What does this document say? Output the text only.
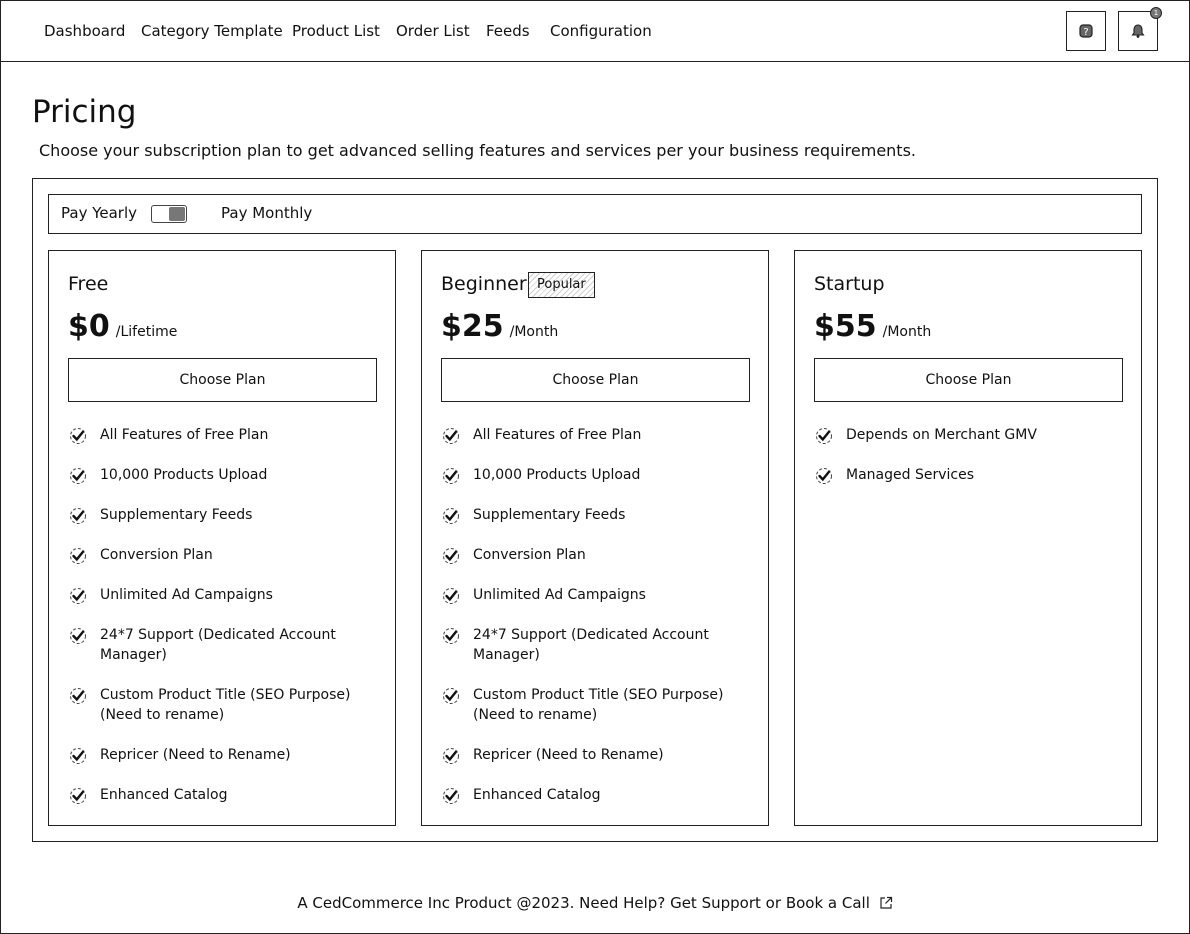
Dashboard Category Template Product List Order List Feeds Configuration	?
1
Pricing

Choose your subscription plan to get advanced selling features and services per your business requirements.

Pay Yearly	Pay Monthly
Free
$0 /Lifetime
Choose Plan
All Features of Free Plan
10,000 Products Upload
Supplementary Feeds
Conversion Plan
Unlimited Ad Campaigns
24*7 Support (Dedicated Account Manager)
Custom Product Title (SEO Purpose) (Need to rename)
Repricer (Need to Rename)
Enhanced Catalog
Beginner Popular
$25 /Month
Choose Plan
All Features of Free Plan
10,000 Products Upload
Supplementary Feeds
Conversion Plan
Unlimited Ad Campaigns
24*7 Support (Dedicated Account Manager)
Custom Product Title (SEO Purpose) (Need to rename)
Repricer (Need to Rename)
Enhanced Catalog
Startup
$55 /Month
Choose Plan
Depends on Merchant GMV
Managed Services
A CedCommerce Inc Product @2023. Need Help? Get Support or Book a Call
